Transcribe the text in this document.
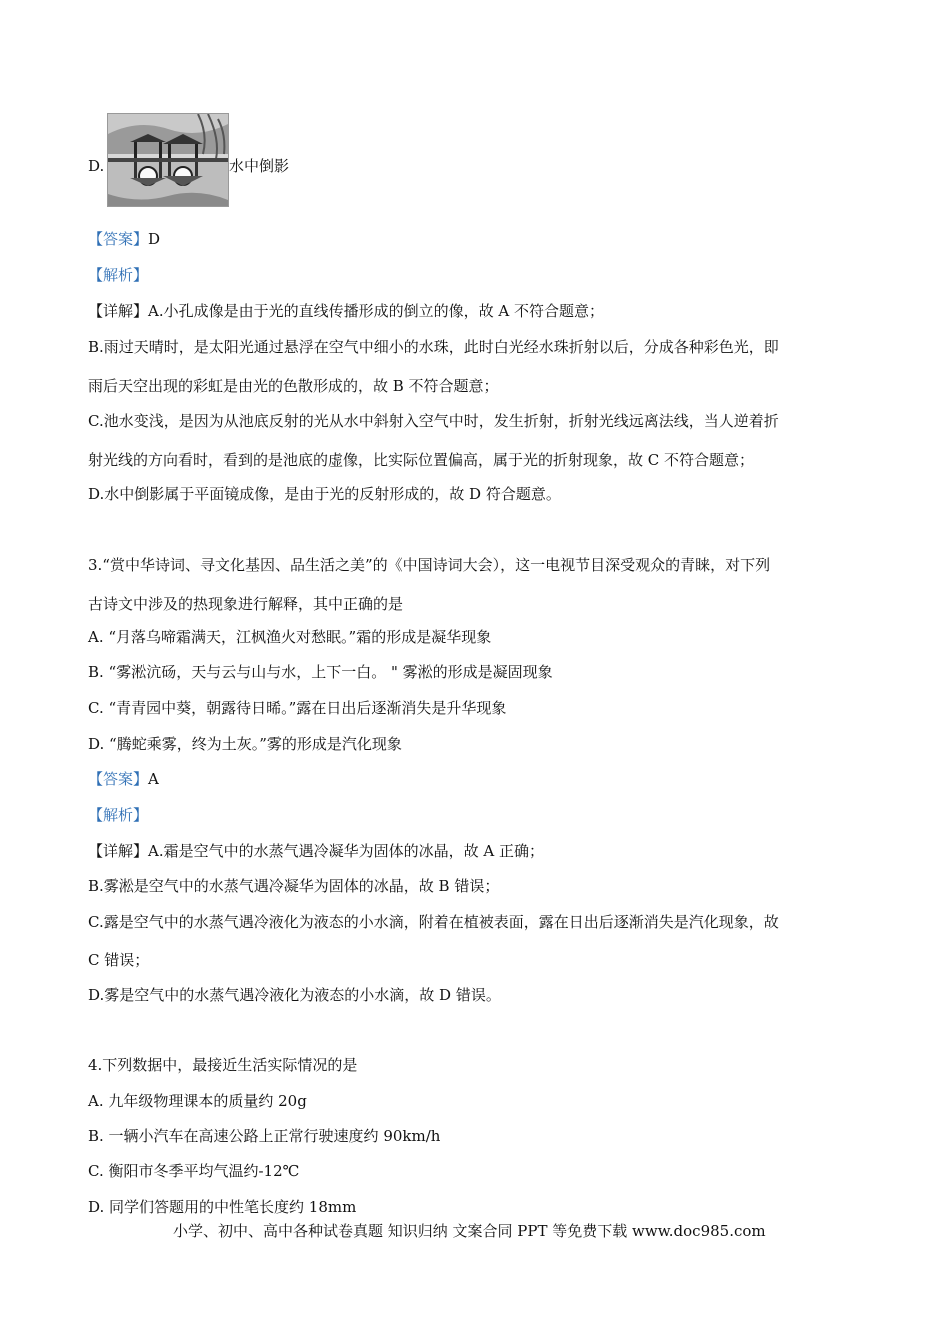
D.	水中倒影
【答案】D
【解析】
【详解】A.小孔成像是由于光的直线传播形成的倒立的像，故 A 不符合题意；
B.雨过天晴时，是太阳光通过悬浮在空气中细小的水珠，此时白光经水珠折射以后，分成各种彩色光，即
雨后天空出现的彩虹是由光的色散形成的，故 B 不符合题意；
C.池水变浅，是因为从池底反射的光从水中斜射入空气中时，发生折射，折射光线远离法线，当人逆着折
射光线的方向看时，看到的是池底的虚像，比实际位置偏高，属于光的折射现象，故 C 不符合题意；
D.水中倒影属于平面镜成像，是由于光的反射形成的，故 D 符合题意。
3.“赏中华诗词、寻文化基因、品生活之美”的《中国诗词大会），这一电视节目深受观众的青睐，对下列
古诗文中涉及的热现象进行解释，其中正确的是
A. “月落乌啼霜满天，江枫渔火对愁眠。”霜的形成是凝华现象
B. “雾淞沆砀，天与云与山与水，上下一白。 " 雾淞的形成是凝固现象
C. “青青园中葵，朝露待日晞。”露在日出后逐渐消失是升华现象
D. “腾蛇乘雾，终为土灰。”雾的形成是汽化现象
【答案】A
【解析】
【详解】A.霜是空气中的水蒸气遇冷凝华为固体的冰晶，故 A 正确；
B.雾淞是空气中的水蒸气遇冷凝华为固体的冰晶，故 B 错误；
C.露是空气中的水蒸气遇冷液化为液态的小水滴，附着在植被表面，露在日出后逐渐消失是汽化现象，故
C 错误；
D.雾是空气中的水蒸气遇冷液化为液态的小水滴，故 D 错误。
4.下列数据中，最接近生活实际情况的是
A. 九年级物理课本的质量约 20g
B. 一辆小汽车在高速公路上正常行驶速度约 90km/h
C. 衡阳市冬季平均气温约-12℃
D. 同学们答题用的中性笔长度约 18mm
小学、初中、高中各种试卷真题 知识归纳 文案合同 PPT 等免费下载 www.doc985.com
